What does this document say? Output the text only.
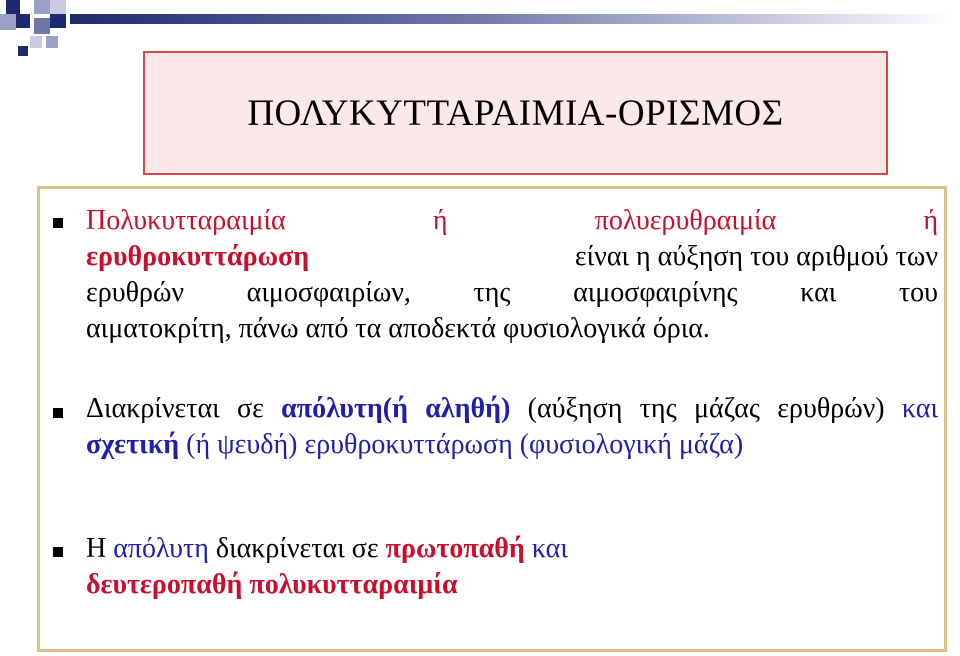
ΠΟΛΥΚΥΤΤΑΡΑΙΜΙΑ-ΟΡΙΣΜΟΣ
Πολυκυτταραιμία	ή	πολυερυθραιμία	ή
ερυθροκυττάρωση	είναι η αύξηση του αριθμού των
ερυθρών αιμοσφαιρίων, της αιμοσφαιρίνης και του
αιματοκρίτη, πάνω από τα αποδεκτά φυσιολογικά όρια.
Διακρίνεται σε απόλυτη(ή αληθή) (αύξηση της μάζας ερυθρών) και σχετική (ή ψευδή) ερυθροκυττάρωση (φυσιολογική μάζα)
Η απόλυτη διακρίνεται σε πρωτοπαθή και
δευτεροπαθή πολυκυτταραιμία
